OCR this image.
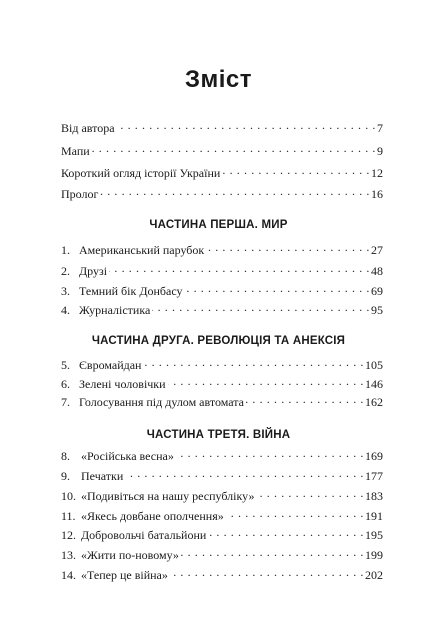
Зміст
Від автора . . .	7
Мапи . . .	9
Короткий огляд історії України . . .	12
Пролог . . .	16
ЧАСТИНА ПЕРША. МИР
1. Американський парубок . . .	27
2. Друзі . . .	48
3. Темний бік Донбасу . . .	69
4. Журналістика . . .	95
ЧАСТИНА ДРУГА. РЕВОЛЮЦІЯ ТА АНЕКСІЯ
5. Євромайдан . . .	105
6. Зелені чоловічки . . .	146
7. Голосування під дулом автомата . . .	162
ЧАСТИНА ТРЕТЯ. ВІЙНА
8. «Російська весна» . . .	169
9. Печатки . . .	177
10. «Подивіться на нашу республіку» . . .	183
11. «Якесь довбане ополчення» . . .	191
12. Добровольчі батальйони . . .	195
13. «Жити по-новому» . . .	199
14. «Тепер це війна» . . .	202
